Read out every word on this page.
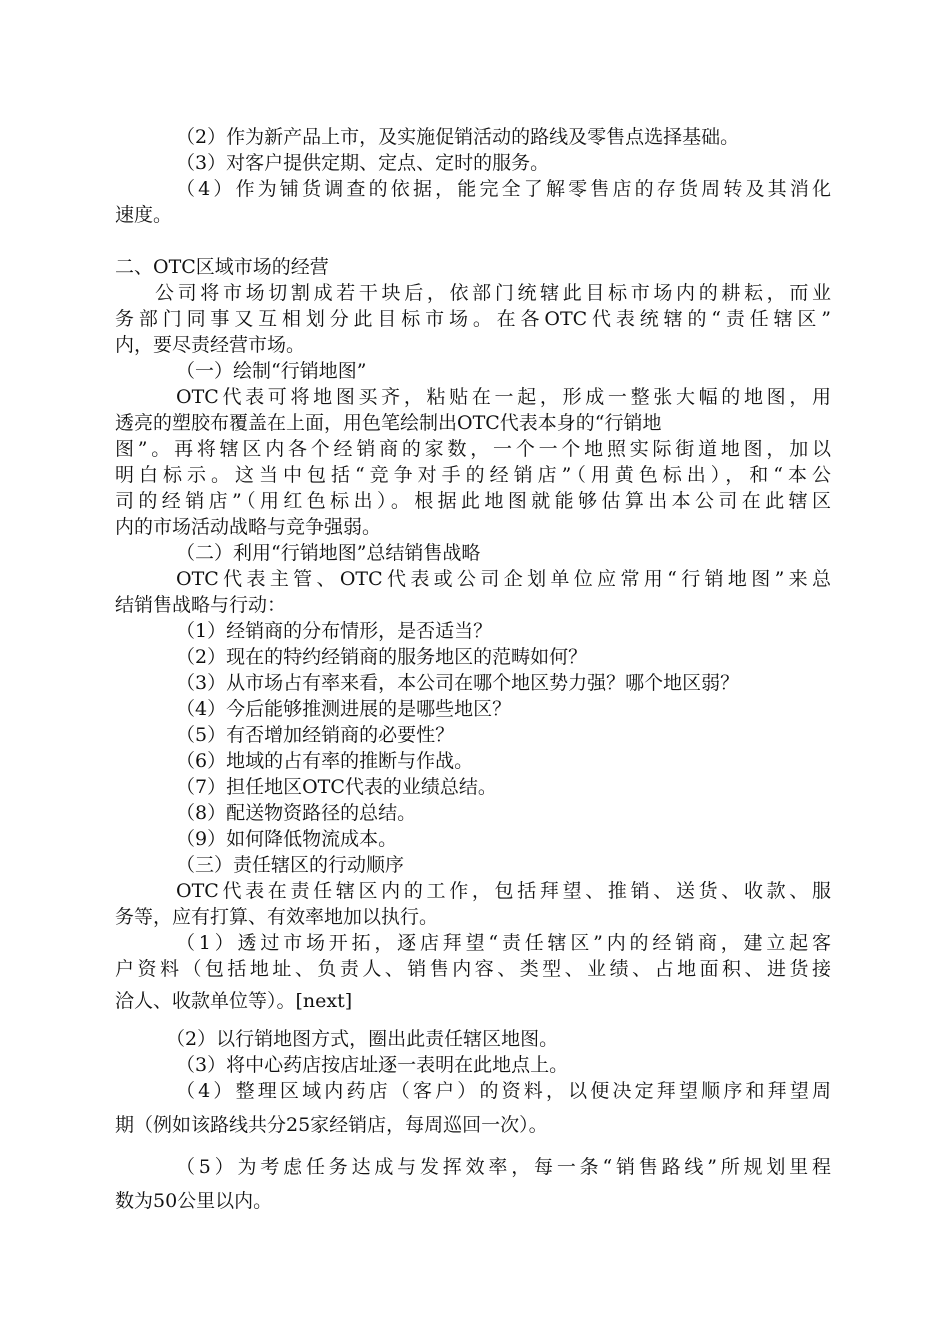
（2）作为新产品上市，及实施促销活动的路线及零售点选择基础。
（3）对客户提供定期、定点、定时的服务。
（4）作为铺货调查的依据，能完全了解零售店的存货周转及其消化
速度。
二、OTC区域市场的经营
公司将市场切割成若干块后，依部门统辖此目标市场内的耕耘，而业
务部门同事又互相划分此目标市场。在各OTC代表统辖的“责任辖区”
内，要尽责经营市场。
（一）绘制“行销地图”
OTC代表可将地图买齐，粘贴在一起，形成一整张大幅的地图，用
透亮的塑胶布覆盖在上面，用色笔绘制出OTC代表本身的“行销地
图”。再将辖区内各个经销商的家数，一个一个地照实际街道地图，加以
明白标示。这当中包括“竞争对手的经销店”（用黄色标出），和“本公
司的经销店”（用红色标出）。根据此地图就能够估算出本公司在此辖区
内的市场活动战略与竞争强弱。
（二）利用“行销地图”总结销售战略
OTC代表主管、OTC代表或公司企划单位应常用“行销地图”来总
结销售战略与行动：
（1）经销商的分布情形，是否适当？
（2）现在的特约经销商的服务地区的范畴如何？
（3）从市场占有率来看，本公司在哪个地区势力强？哪个地区弱？
（4）今后能够推测进展的是哪些地区？
（5）有否增加经销商的必要性？
（6）地域的占有率的推断与作战。
（7）担任地区OTC代表的业绩总结。
（8）配送物资路径的总结。
（9）如何降低物流成本。
（三）责任辖区的行动顺序
OTC代表在责任辖区内的工作，包括拜望、推销、送货、收款、服
务等，应有打算、有效率地加以执行。
（1）透过市场开拓，逐店拜望“责任辖区”内的经销商，建立起客
户资料（包括地址、负责人、销售内容、类型、业绩、占地面积、进货接
洽人、收款单位等）。[next]
（2）以行销地图方式，圈出此责任辖区地图。
（3）将中心药店按店址逐一表明在此地点上。
（4）整理区域内药店（客户）的资料，以便决定拜望顺序和拜望周
期（例如该路线共分25家经销店，每周巡回一次）。
（5）为考虑任务达成与发挥效率，每一条“销售路线”所规划里程
数为50公里以内。
